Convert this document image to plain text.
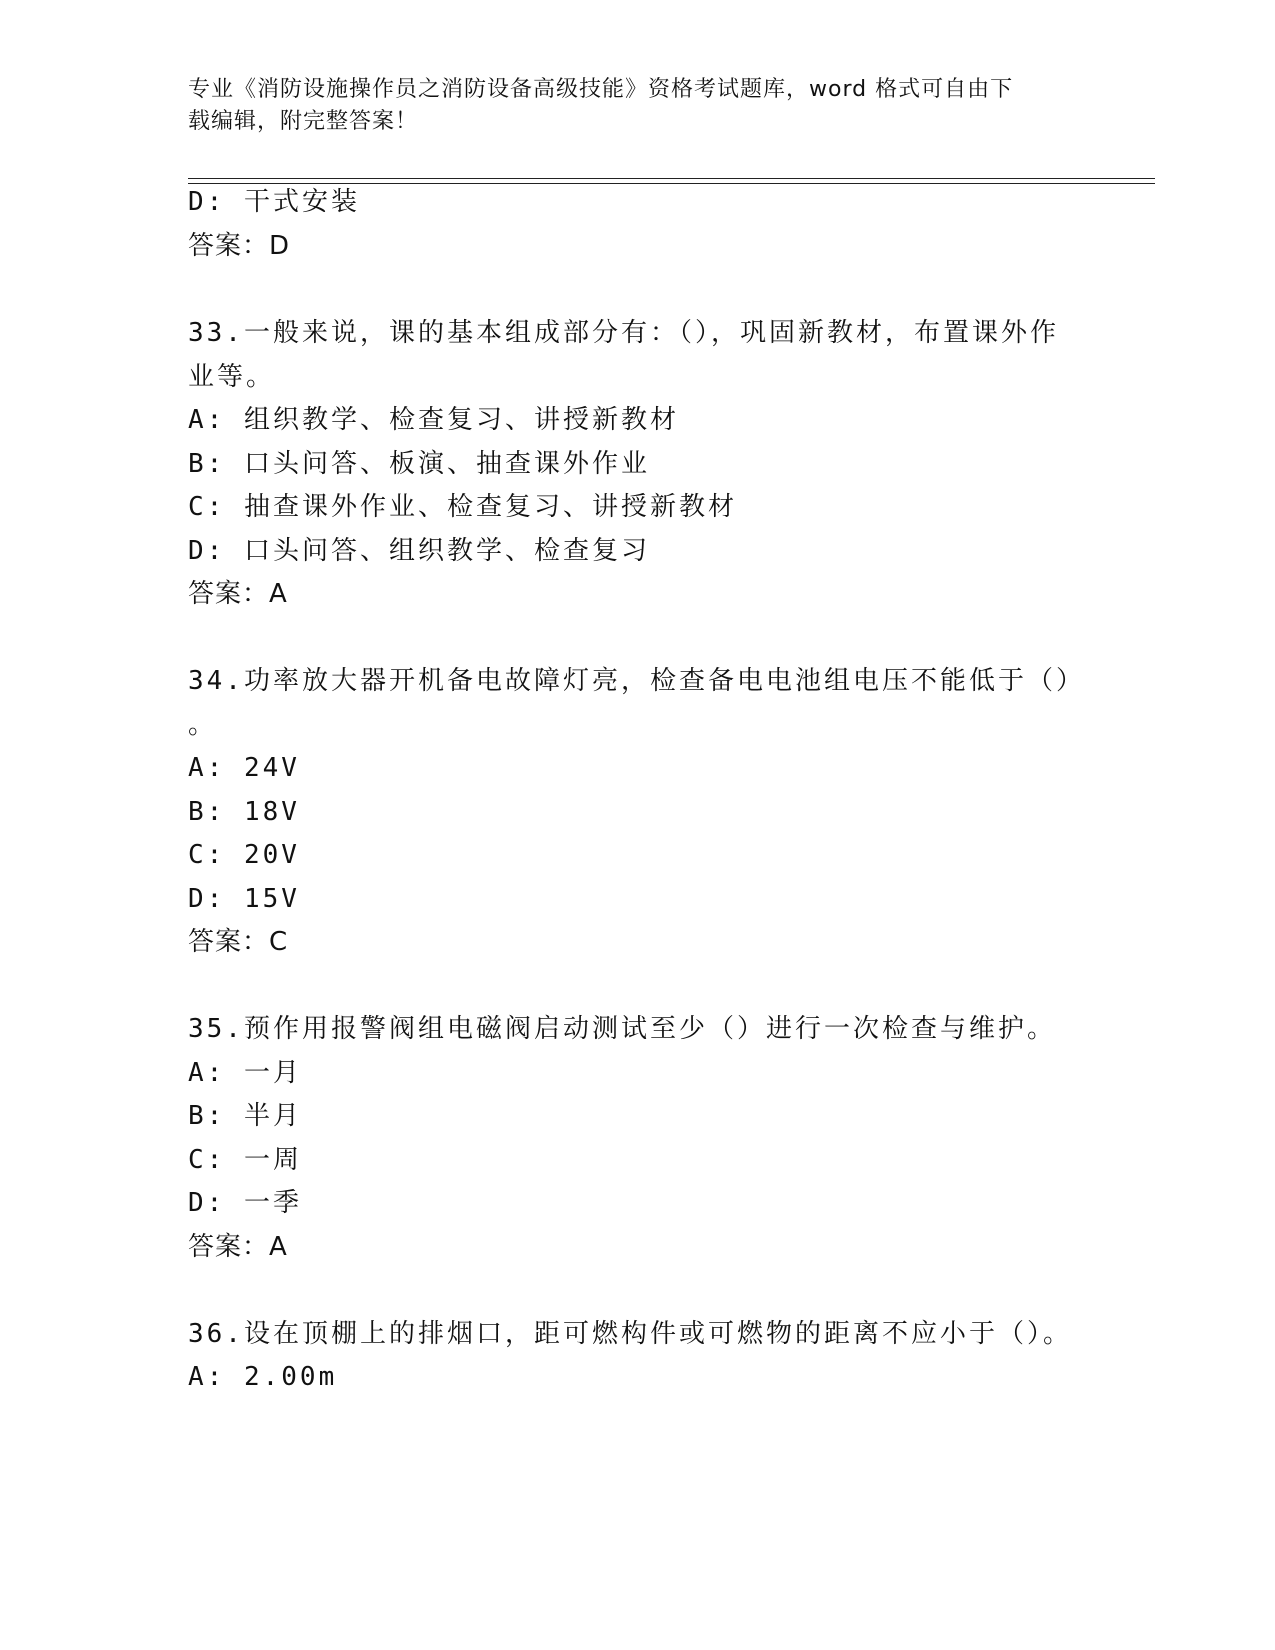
专业《消防设施操作员之消防设备高级技能》资格考试题库，word 格式可自由下
载编辑，附完整答案！
D: 干式安装
答案：D
33.一般来说，课的基本组成部分有：（），巩固新教材，布置课外作
业等。
A: 组织教学、检查复习、讲授新教材
B: 口头问答、板演、抽查课外作业
C: 抽查课外作业、检查复习、讲授新教材
D: 口头问答、组织教学、检查复习
答案：A
34.功率放大器开机备电故障灯亮，检查备电电池组电压不能低于（）
。
A: 24V
B: 18V
C: 20V
D: 15V
答案：C
35.预作用报警阀组电磁阀启动测试至少（）进行一次检查与维护。
A: 一月
B: 半月
C: 一周
D: 一季
答案：A
36.设在顶棚上的排烟口，距可燃构件或可燃物的距离不应小于（）。
A: 2.00m
